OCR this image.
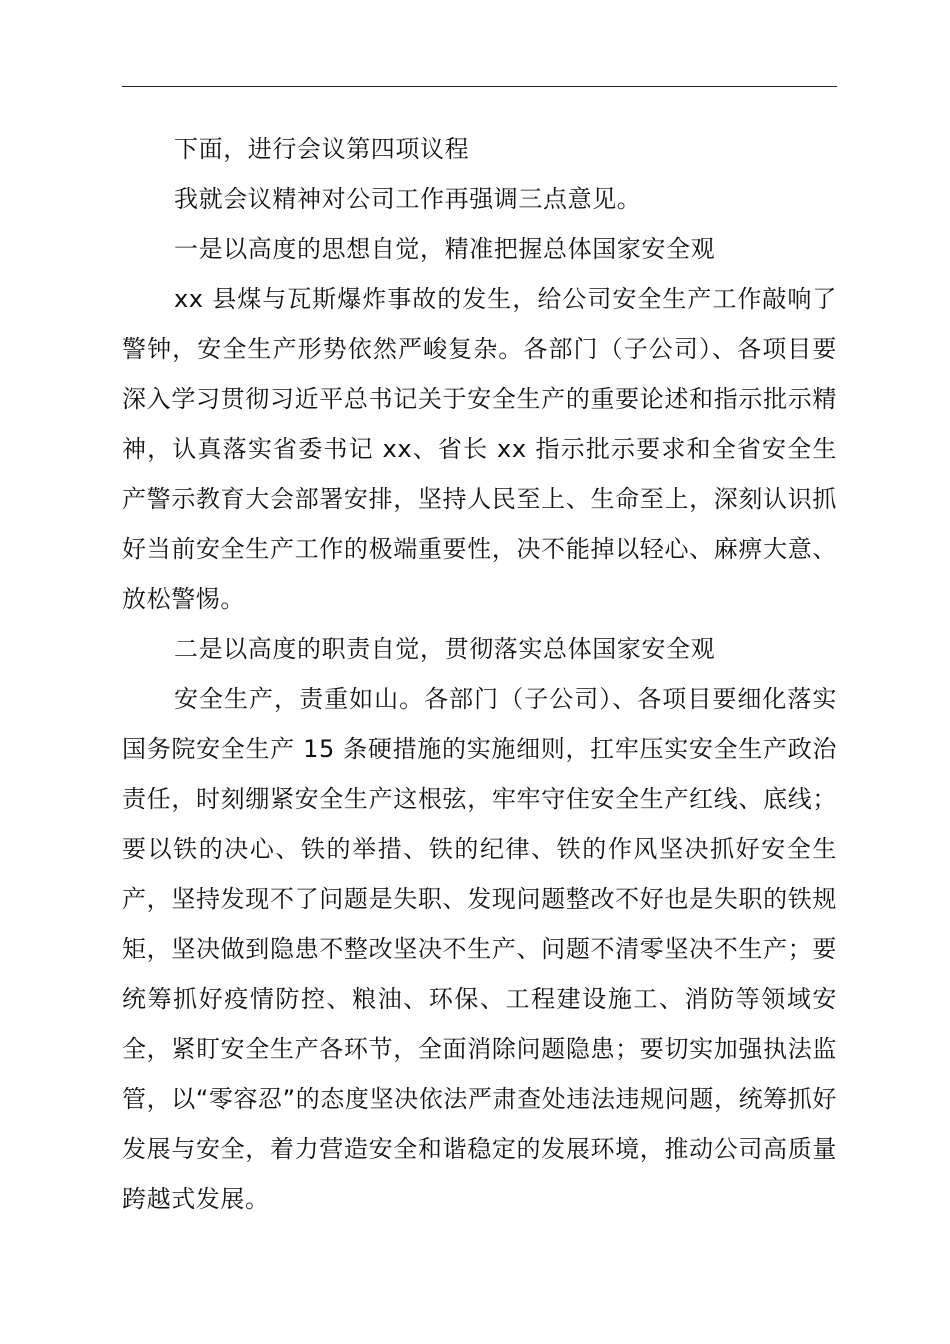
下面，进行会议第四项议程

我就会议精神对公司工作再强调三点意见。

一是以高度的思想自觉，精准把握总体国家安全观

xx 县煤与瓦斯爆炸事故的发生，给公司安全生产工作敲响了警钟，安全生产形势依然严峻复杂。各部门（子公司）、各项目要深入学习贯彻习近平总书记关于安全生产的重要论述和指示批示精神，认真落实省委书记 xx、省长 xx 指示批示要求和全省安全生产警示教育大会部署安排，坚持人民至上、生命至上，深刻认识抓好当前安全生产工作的极端重要性，决不能掉以轻心、麻痹大意、放松警惕。

二是以高度的职责自觉，贯彻落实总体国家安全观

安全生产，责重如山。各部门（子公司）、各项目要细化落实国务院安全生产 15 条硬措施的实施细则，扛牢压实安全生产政治责任，时刻绷紧安全生产这根弦，牢牢守住安全生产红线、底线；要以铁的决心、铁的举措、铁的纪律、铁的作风坚决抓好安全生产，坚持发现不了问题是失职、发现问题整改不好也是失职的铁规矩，坚决做到隐患不整改坚决不生产、问题不清零坚决不生产；要统筹抓好疫情防控、粮油、环保、工程建设施工、消防等领域安全，紧盯安全生产各环节，全面消除问题隐患；要切实加强执法监管，以“零容忍”的态度坚决依法严肃查处违法违规问题，统筹抓好发展与安全，着力营造安全和谐稳定的发展环境，推动公司高质量跨越式发展。
